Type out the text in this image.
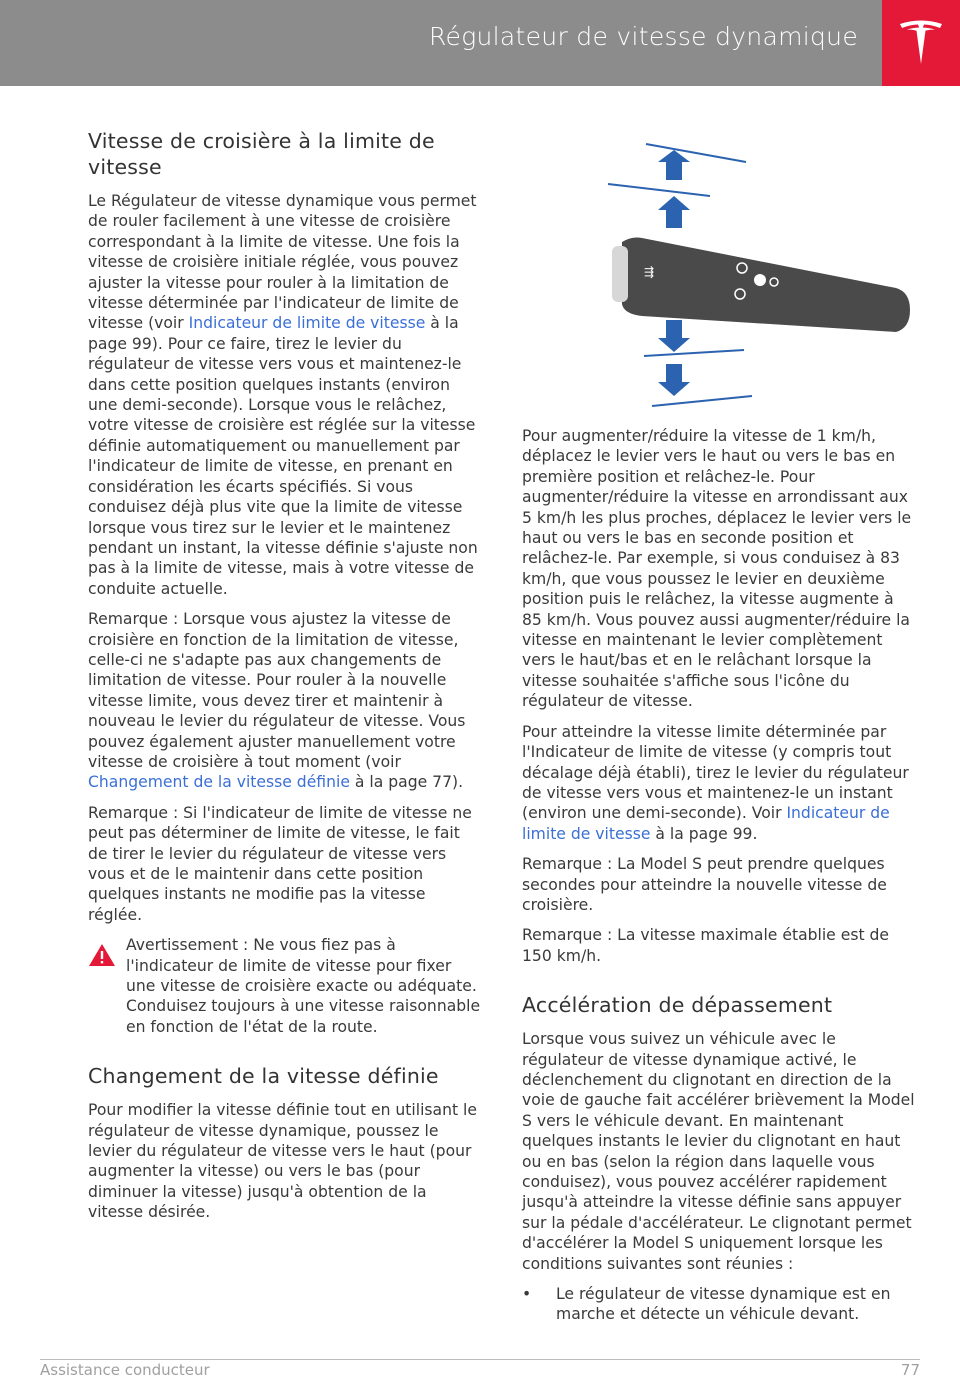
Régulateur de vitesse dynamique
Vitesse de croisière à la limite de vitesse

Le Régulateur de vitesse dynamique vous permet de rouler facilement à une vitesse de croisière correspondant à la limite de vitesse. Une fois la vitesse de croisière initiale réglée, vous pouvez ajuster la vitesse pour rouler à la limitation de vitesse déterminée par l'indicateur de limite de vitesse (voir Indicateur de limite de vitesse à la page 99). Pour ce faire, tirez le levier du régulateur de vitesse vers vous et maintenez-le dans cette position quelques instants (environ une demi-seconde). Lorsque vous le relâchez, votre vitesse de croisière est réglée sur la vitesse définie automatiquement ou manuellement par l'indicateur de limite de vitesse, en prenant en considération les écarts spécifiés. Si vous conduisez déjà plus vite que la limite de vitesse lorsque vous tirez sur le levier et le maintenez pendant un instant, la vitesse définie s'ajuste non pas à la limite de vitesse, mais à votre vitesse de conduite actuelle.

Remarque : Lorsque vous ajustez la vitesse de croisière en fonction de la limitation de vitesse, celle-ci ne s'adapte pas aux changements de limitation de vitesse. Pour rouler à la nouvelle vitesse limite, vous devez tirer et maintenir à nouveau le levier du régulateur de vitesse. Vous pouvez également ajuster manuellement votre vitesse de croisière à tout moment (voir Changement de la vitesse définie à la page 77).

Remarque : Si l'indicateur de limite de vitesse ne peut pas déterminer de limite de vitesse, le fait de tirer le levier du régulateur de vitesse vers vous et de le maintenir dans cette position quelques instants ne modifie pas la vitesse réglée.

Avertissement : Ne vous fiez pas à l'indicateur de limite de vitesse pour fixer une vitesse de croisière exacte ou adéquate. Conduisez toujours à une vitesse raisonnable en fonction de l'état de la route.
Changement de la vitesse définie

Pour modifier la vitesse définie tout en utilisant le régulateur de vitesse dynamique, poussez le levier du régulateur de vitesse vers le haut (pour augmenter la vitesse) ou vers le bas (pour diminuer la vitesse) jusqu'à obtention de la vitesse désirée.

⇶

Pour augmenter/réduire la vitesse de 1 km/h, déplacez le levier vers le haut ou vers le bas en première position et relâchez-le. Pour augmenter/réduire la vitesse en arrondissant aux 5 km/h les plus proches, déplacez le levier vers le haut ou vers le bas en seconde position et relâchez-le. Par exemple, si vous conduisez à 83 km/h, que vous poussez le levier en deuxième position puis le relâchez, la vitesse augmente à 85 km/h. Vous pouvez aussi augmenter/réduire la vitesse en maintenant le levier complètement vers le haut/bas et en le relâchant lorsque la vitesse souhaitée s'affiche sous l'icône du régulateur de vitesse.

Pour atteindre la vitesse limite déterminée par l'Indicateur de limite de vitesse (y compris tout décalage déjà établi), tirez le levier du régulateur de vitesse vers vous et maintenez-le un instant (environ une demi-seconde). Voir Indicateur de limite de vitesse à la page 99.

Remarque : La Model S peut prendre quelques secondes pour atteindre la nouvelle vitesse de croisière.

Remarque : La vitesse maximale établie est de 150 km/h.

Accélération de dépassement

Lorsque vous suivez un véhicule avec le régulateur de vitesse dynamique activé, le déclenchement du clignotant en direction de la voie de gauche fait accélérer brièvement la Model S vers le véhicule devant. En maintenant quelques instants le levier du clignotant en haut ou en bas (selon la région dans laquelle vous conduisez), vous pouvez accélérer rapidement jusqu'à atteindre la vitesse définie sans appuyer sur la pédale d'accélérateur. Le clignotant permet d'accélérer la Model S uniquement lorsque les conditions suivantes sont réunies :

• Le régulateur de vitesse dynamique est en marche et détecte un véhicule devant.

Assistance conducteur	77
